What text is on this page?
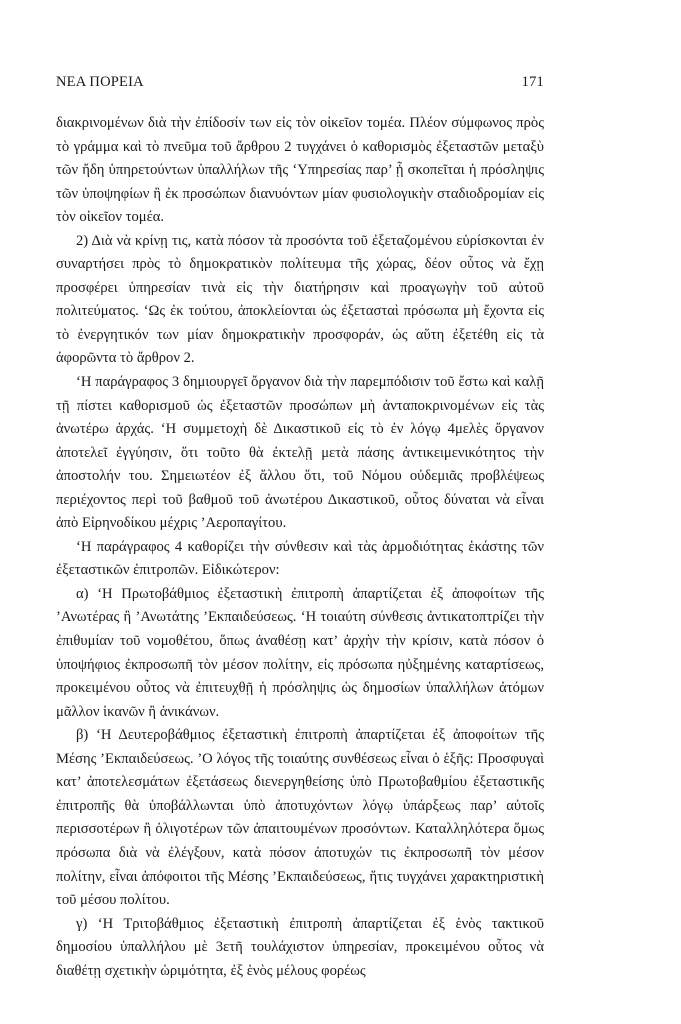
ΝΕΑ ΠΟΡΕΙΑ	171

διακρινομένων διὰ τὴν ἐπίδοσίν των εἰς τὸν οἰκεῖον τομέα. Πλέον σύμφωνος πρὸς τὸ γράμμα καὶ τὸ πνεῦμα τοῦ ἄρθρου 2 τυγχάνει ὁ καθορισμὸς ἐξεταστῶν μεταξὺ τῶν ἤδη ὑπηρετούντων ὑπαλλήλων τῆς ‘Υπηρεσίας παρ’ ᾗ σκοπεῖται ἡ πρόσληψις τῶν ὑποψηφίων ἢ ἐκ προσώπων διανυόντων μίαν φυσιολογικὴν σταδιοδρομίαν εἰς τὸν οἰκεῖον τομέα.

2) Διὰ νὰ κρίνῃ τις, κατὰ πόσον τὰ προσόντα τοῦ ἐξεταζομένου εὑρίσκονται ἐν συναρτήσει πρὸς τὸ δημοκρατικὸν πολίτευμα τῆς χώρας, δέον οὗτος νὰ ἔχῃ προσφέρει ὑπηρεσίαν τινὰ εἰς τὴν διατήρησιν καὶ προαγωγὴν τοῦ αὐτοῦ πολιτεύματος. ‘Ως ἐκ τούτου, ἀποκλείονται ὡς ἐξετασταὶ πρόσωπα μὴ ἔχοντα εἰς τὸ ἐνεργητικόν των μίαν δημοκρατικὴν προσφοράν, ὡς αὕτη ἐξετέθη εἰς τὰ ἀφορῶντα τὸ ἄρθρον 2.

‘Η παράγραφος 3 δημιουργεῖ ὄργανον διὰ τὴν παρεμπόδισιν τοῦ ἔστω καὶ καλῇ τῇ πίστει καθορισμοῦ ὡς ἐξεταστῶν προσώπων μὴ ἀνταποκρινομένων εἰς τὰς ἀνωτέρω ἀρχάς. ‘Η συμμετοχὴ δὲ Δικαστικοῦ εἰς τὸ ἐν λόγῳ 4μελὲς ὄργανον ἀποτελεῖ ἐγγύησιν, ὅτι τοῦτο θὰ ἐκτελῇ μετὰ πάσης ἀντικειμενικότητος τὴν ἀποστολήν του. Σημειωτέον ἐξ ἄλλου ὅτι, τοῦ Νόμου οὐδεμιᾶς προβλέψεως περιέχοντος περὶ τοῦ βαθμοῦ τοῦ ἀνωτέρου Δικαστικοῦ, οὗτος δύναται νὰ εἶναι ἀπὸ Εἰρηνοδίκου μέχρις ’Αεροπαγίτου.

‘Η παράγραφος 4 καθορίζει τὴν σύνθεσιν καὶ τὰς ἁρμοδιότητας ἑκάστης τῶν ἐξεταστικῶν ἐπιτροπῶν. Εἰδικώτερον:

α) ‘Η Πρωτοβάθμιος ἐξεταστικὴ ἐπιτροπὴ ἀπαρτίζεται ἐξ ἀποφοίτων τῆς ’Ανωτέρας ἢ ’Ανωτάτης ’Εκπαιδεύσεως. ‘Η τοιαύτη σύνθεσις ἀντικατοπτρίζει τὴν ἐπιθυμίαν τοῦ νομοθέτου, ὅπως ἀναθέσῃ κατ’ ἀρχὴν τὴν κρίσιν, κατὰ πόσον ὁ ὑποψήφιος ἐκπροσωπῆ τὸν μέσον πολίτην, εἰς πρόσωπα ηὐξημένης καταρτίσεως, προκειμένου οὗτος νὰ ἐπιτευχθῇ ἡ πρόσληψις ὡς δημοσίων ὑπαλλήλων ἀτόμων μᾶλλον ἱκανῶν ἢ ἀνικάνων.

β) ‘Η Δευτεροβάθμιος ἐξεταστικὴ ἐπιτροπὴ ἀπαρτίζεται ἐξ ἀποφοίτων τῆς Μέσης ’Εκπαιδεύσεως. ’Ο λόγος τῆς τοιαύτης συνθέσεως εἶναι ὁ ἑξῆς: Προσφυγαὶ κατ’ ἀποτελεσμάτων ἐξετάσεως διενεργηθείσης ὑπὸ Πρωτοβαθμίου ἐξεταστικῆς ἐπιτροπῆς θὰ ὑποβάλλωνται ὑπὸ ἀποτυχόντων λόγῳ ὑπάρξεως παρ’ αὐτοῖς περισσοτέρων ἢ ὀλιγοτέρων τῶν ἀπαιτουμένων προσόντων. Καταλληλότερα ὅμως πρόσωπα διὰ νὰ ἐλέγξουν, κατὰ πόσον ἀποτυχών τις ἐκπροσωπῆ τὸν μέσον πολίτην, εἶναι ἀπόφοιτοι τῆς Μέσης ’Εκπαιδεύσεως, ἥτις τυγχάνει χαρακτηριστικὴ τοῦ μέσου πολίτου.

γ) ‘Η Τριτοβάθμιος ἐξεταστικὴ ἐπιτροπὴ ἀπαρτίζεται ἐξ ἑνὸς τακτικοῦ δημοσίου ὑπαλλήλου μὲ 3ετῆ τουλάχιστον ὑπηρεσίαν, προκειμένου οὗτος νὰ διαθέτῃ σχετικὴν ὡριμότητα, ἐξ ἑνὸς μέλους φορέως
